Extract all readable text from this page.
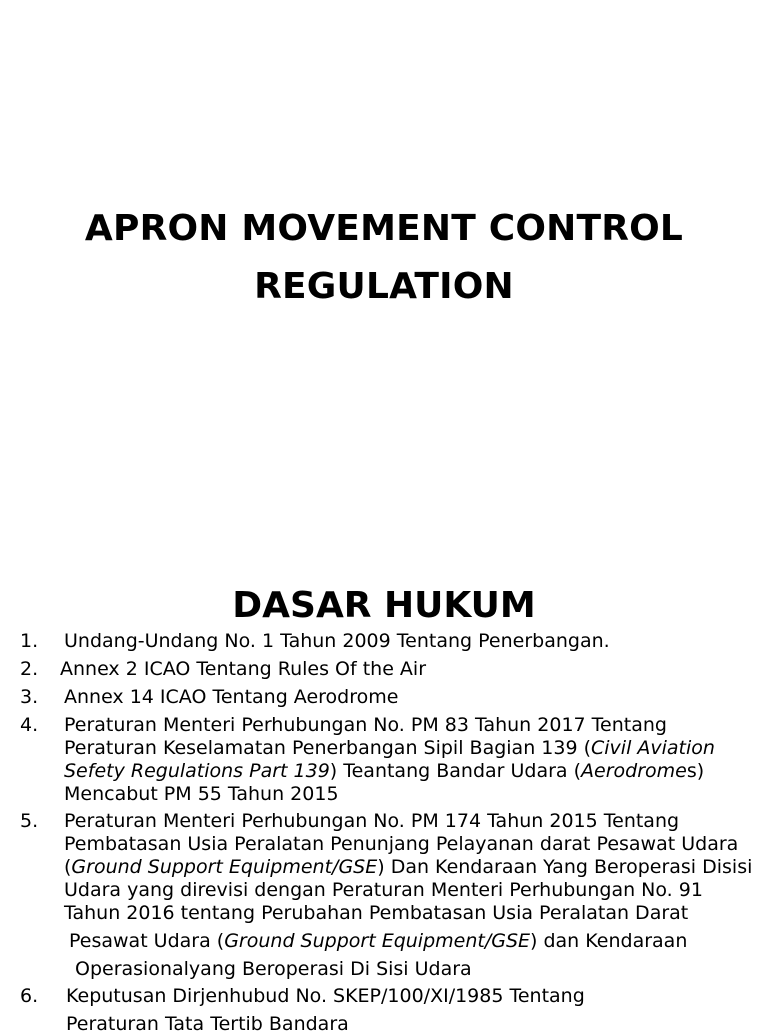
APRON MOVEMENT CONTROL
REGULATION
DASAR HUKUM
1. Undang-Undang No. 1 Tahun 2009 Tentang Penerbangan.
2. Annex 2 ICAO Tentang Rules Of the Air
3. Annex 14 ICAO Tentang Aerodrome
4. Peraturan Menteri Perhubungan No. PM 83 Tahun 2017 Tentang
Peraturan Keselamatan Penerbangan Sipil Bagian 139 (Civil Aviation
Sefety Regulations Part 139) Teantang Bandar Udara (Aerodromes)
Mencabut PM 55 Tahun 2015
5. Peraturan Menteri Perhubungan No. PM 174 Tahun 2015 Tentang
Pembatasan Usia Peralatan Penunjang Pelayanan darat Pesawat Udara
(Ground Support Equipment/GSE) Dan Kendaraan Yang Beroperasi Disisi
Udara yang direvisi dengan Peraturan Menteri Perhubungan No. 91
Tahun 2016 tentang Perubahan Pembatasan Usia Peralatan Darat
Pesawat Udara (Ground Support Equipment/GSE) dan Kendaraan
Operasionalyang Beroperasi Di Sisi Udara
6. Keputusan Dirjenhubud No. SKEP/100/XI/1985 Tentang
Peraturan Tata Tertib Bandara
